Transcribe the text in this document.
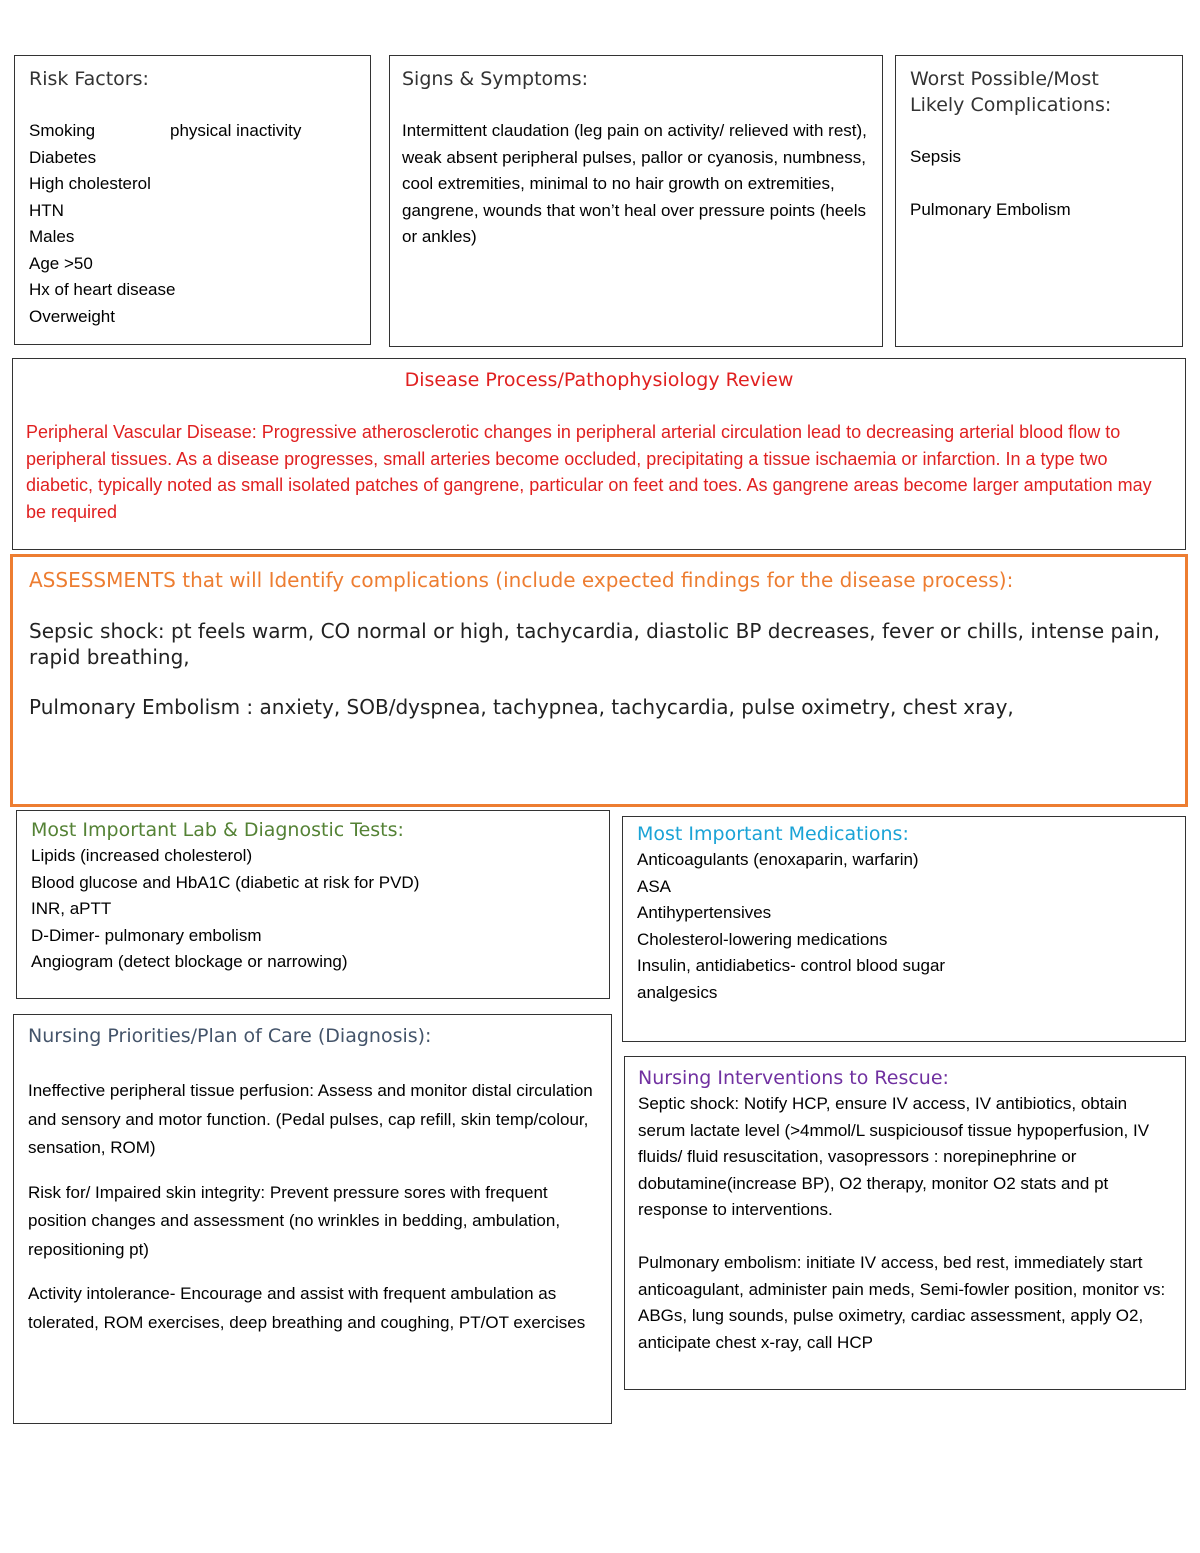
Risk Factors:
Smoking
Diabetes
High cholesterol
HTN
Males
Age >50
Hx of heart disease
Overweight
physical inactivity
Signs & Symptoms:

Intermittent claudation (leg pain on activity/ relieved with rest), weak absent peripheral pulses, pallor or cyanosis, numbness, cool extremities, minimal to no hair growth on extremities, gangrene, wounds that won’t heal over pressure points (heels or ankles)

Worst Possible/Most
Likely Complications:
Sepsis
Pulmonary Embolism
Disease Process/Pathophysiology Review

Peripheral Vascular Disease: Progressive atherosclerotic changes in peripheral arterial circulation lead to decreasing arterial blood flow to peripheral tissues. As a disease progresses, small arteries become occluded, precipitating a tissue ischaemia or infarction. In a type two diabetic, typically noted as small isolated patches of gangrene, particular on feet and toes. As gangrene areas become larger amputation may be required

ASSESSMENTS that will Identify complications (include expected findings for the disease process):

Sepsic shock: pt feels warm, CO normal or high, tachycardia, diastolic BP decreases, fever or chills, intense pain, rapid breathing,

Pulmonary Embolism : anxiety, SOB/dyspnea, tachypnea, tachycardia, pulse oximetry, chest xray,

Most Important Lab & Diagnostic Tests:
Lipids (increased cholesterol)
Blood glucose and HbA1C (diabetic at risk for PVD)
INR, aPTT
D-Dimer- pulmonary embolism
Angiogram (detect blockage or narrowing)
Most Important Medications:
Anticoagulants (enoxaparin, warfarin)
ASA
Antihypertensives
Cholesterol-lowering medications
Insulin, antidiabetics- control blood sugar
analgesics
Nursing Priorities/Plan of Care (Diagnosis):

Ineffective peripheral tissue perfusion: Assess and monitor distal circulation and sensory and motor function. (Pedal pulses, cap refill, skin temp/colour, sensation, ROM)

Risk for/ Impaired skin integrity: Prevent pressure sores with frequent position changes and assessment (no wrinkles in bedding, ambulation, repositioning pt)

Activity intolerance- Encourage and assist with frequent ambulation as tolerated, ROM exercises, deep breathing and coughing, PT/OT exercises

Nursing Interventions to Rescue:

Septic shock: Notify HCP, ensure IV access, IV antibiotics, obtain serum lactate level (>4mmol/L suspiciousof tissue hypoperfusion, IV fluids/ fluid resuscitation, vasopressors : norepinephrine or dobutamine(increase BP), O2 therapy, monitor O2 stats and pt response to interventions.

Pulmonary embolism: initiate IV access, bed rest, immediately start anticoagulant, administer pain meds, Semi-fowler position, monitor vs: ABGs, lung sounds, pulse oximetry, cardiac assessment, apply O2, anticipate chest x-ray, call HCP
